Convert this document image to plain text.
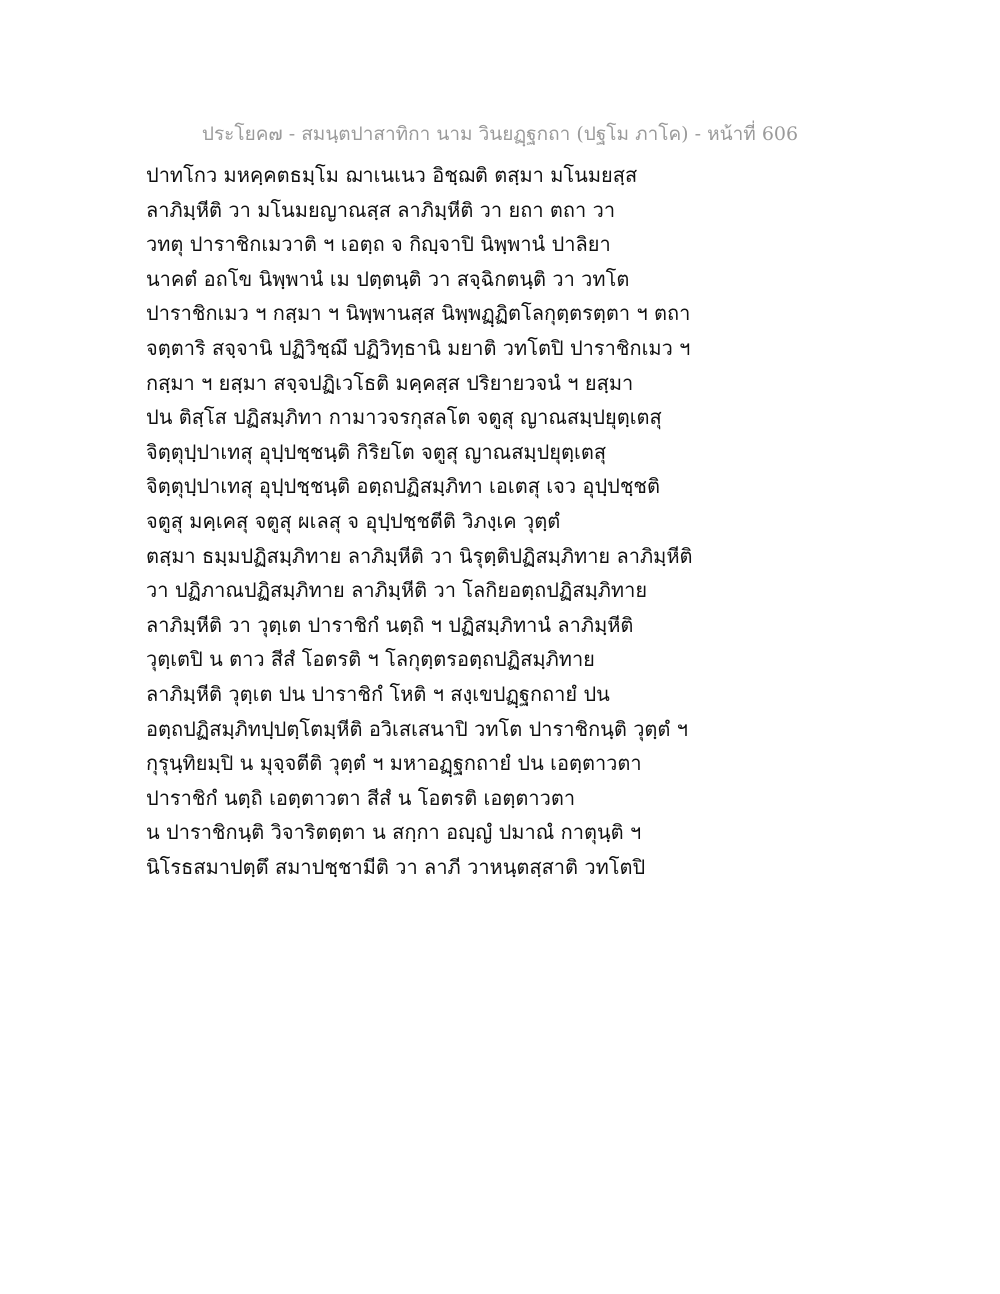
ประโยค๗ - สมนฺตปาสาทิกา นาม วินยฏฺฐกถา (ปฐโม ภาโค) - หน้าที่ 606
ปาทโกว มหคฺคตธมฺโม ฌาเนเนว อิชฺฌติ ตสฺมา มโนมยสฺส
ลาภิมฺหีติ วา มโนมยญาณสฺส ลาภิมฺหีติ วา ยถา ตถา วา
วทตุ ปาราชิกเมวาติ ฯ เอตฺถ จ กิญฺจาปิ นิพฺพานํ ปาลิยา
นาคตํ อถโข นิพฺพานํ เม ปตฺตนฺติ วา สจฺฉิกตนฺติ วา วทโต
ปาราชิกเมว ฯ กสฺมา ฯ นิพฺพานสฺส นิพฺพฏฺฏิตโลกุตฺตรตฺตา ฯ ตถา
จตฺตาริ สจฺจานิ ปฏิวิชฺฌึ ปฏิวิทฺธานิ มยาติ วทโตปิ ปาราชิกเมว ฯ
กสฺมา ฯ ยสฺมา สจฺจปฏิเวโธติ มคฺคสฺส ปริยายวจนํ ฯ ยสฺมา
ปน ติสฺโส ปฏิสมฺภิทา กามาวจรกุสลโต จตูสุ ญาณสมฺปยุตฺเตสุ
จิตฺตุปฺปาเทสุ อุปฺปชฺชนฺติ กิริยโต จตูสุ ญาณสมฺปยุตฺเตสุ
จิตฺตุปฺปาเทสุ อุปฺปชฺชนฺติ อตฺถปฏิสมฺภิทา เอเตสุ เจว อุปฺปชฺชติ
จตูสุ มคฺเคสุ จตูสุ ผเลสุ จ อุปฺปชฺชตีติ วิภงฺเค วุตฺตํ
ตสฺมา ธมฺมปฏิสมฺภิทาย ลาภิมฺหีติ วา นิรุตฺติปฏิสมฺภิทาย ลาภิมฺหีติ
วา ปฏิภาณปฏิสมฺภิทาย ลาภิมฺหีติ วา โลกิยอตฺถปฏิสมฺภิทาย
ลาภิมฺหีติ วา วุตฺเต ปาราชิกํ นตฺถิ ฯ ปฏิสมฺภิทานํ ลาภิมฺหีติ
วุตฺเตปิ น ตาว สีสํ โอตรติ ฯ โลกุตฺตรอตฺถปฏิสมฺภิทาย
ลาภิมฺหีติ วุตฺเต ปน ปาราชิกํ โหติ ฯ สงฺเขปฏฺฐกถายํ ปน
อตฺถปฏิสมฺภิทปฺปตฺโตมฺหีติ อวิเสเสนาปิ วทโต ปาราชิกนฺติ วุตฺตํ ฯ
กุรุนฺทิยมฺปิ น มุจฺจตีติ วุตฺตํ ฯ มหาอฏฺฐกถายํ ปน เอตฺตาวตา
ปาราชิกํ นตฺถิ เอตฺตาวตา สีสํ น โอตรติ เอตฺตาวตา
น ปาราชิกนฺติ วิจาริตตฺตา น สกฺกา อญฺญํ ปมาณํ กาตุนฺติ ฯ
นิโรธสมาปตฺตึ สมาปชฺชามีติ วา ลาภี วาหนฺตสฺสาติ วทโตปิ
